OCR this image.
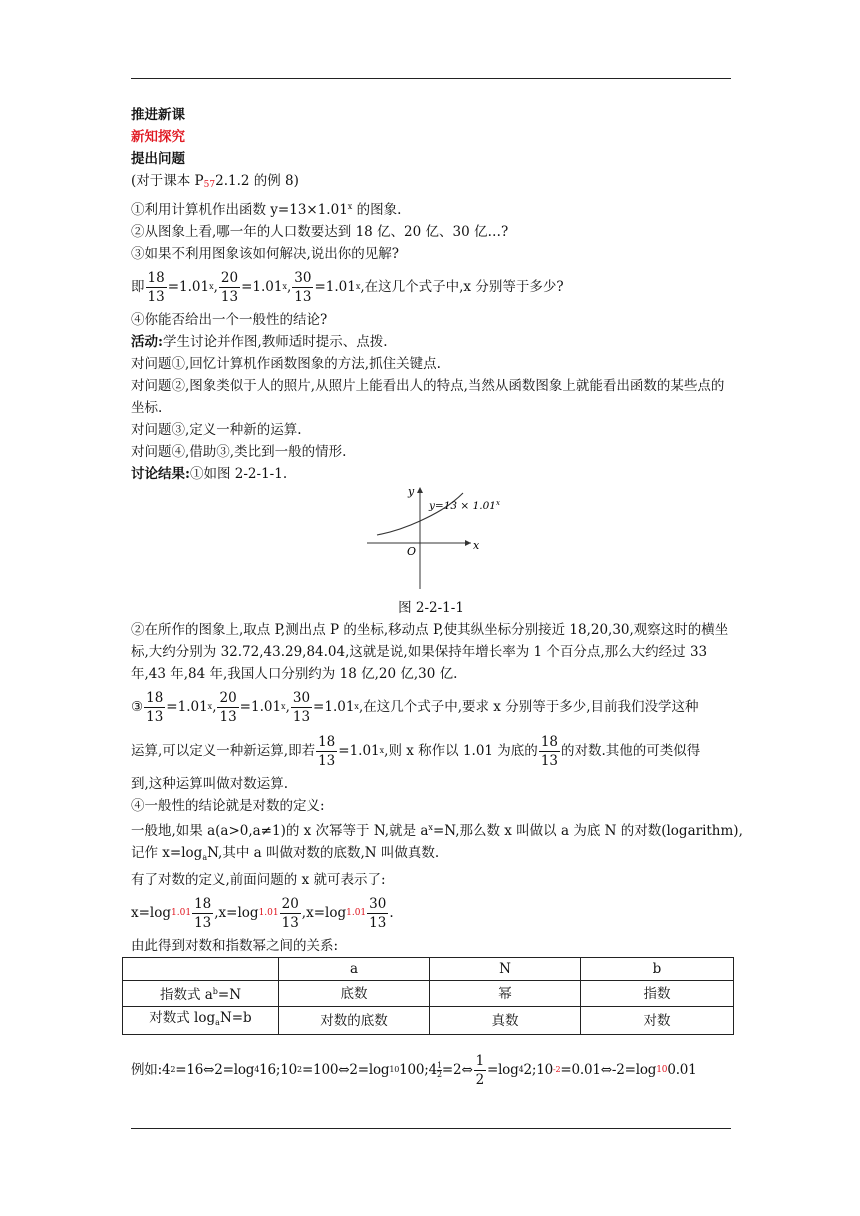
推进新课
新知探究
提出问题
(对于课本 P572.1.2 的例 8)
①利用计算机作出函数 $y=13\times 1.01^x$ 的图象.
②从图象上看,哪一年的人口数要达到 18 亿、20 亿、30 亿…?
③如果不利用图象该如何解决,说出你的见解?
即 $\frac{18}{13} =1.01$ x , $\frac{20}{13} =1.01$ x , $\frac{30}{13} =1.01$ x ,在这几个式子中,x 分别等于多少?
④你能否给出一个一般性的结论?
活动:学生讨论并作图,教师适时提示、点拨.
对问题①,回忆计算机作函数图象的方法,抓住关键点.
对问题②,图象类似于人的照片,从照片上能看出人的特点,当然从函数图象上就能看出函数的某些点的坐标.
对问题③,定义一种新的运算.
对问题④,借助③,类比到一般的情形.
讨论结果:①如图 2-2-1-1.
y
x
O
$y=13 \times 1.01^x$
图 2-2-1-1
②在所作的图象上,取点 P,测出点 P 的坐标,移动点 P,使其纵坐标分别接近 18,20,30,观察这时的横坐标,大约分别为 32.72,43.29,84.04,这就是说,如果保持年增长率为 1 个百分点,那么大约经过 33 年,43 年,84 年,我国人口分别约为 18 亿,20 亿,30 亿.
③ $\frac{18}{13} =1.01$ x , $\frac{20}{13} =1.01$ x , $\frac{30}{13} =1.01$ x ,在这几个式子中,要求 x 分别等于多少,目前我们没学这种
运算,可以定义一种新运算,即若 $\frac{18}{13} =1.01$ x ,则 x 称作以 1.01 为底的 $\frac{18}{13}$ 的对数.其他的可类似得
到,这种运算叫做对数运算.
④一般性的结论就是对数的定义:
一般地,如果 a(a>0,a≠1)的 x 次幂等于 N,就是 $a^x=N$,那么数 x 叫做以 a 为底 N 的对数(logarithm),
记作 $x=\log_aN$,其中 a 叫做对数的底数,N 叫做真数.
有了对数的定义,前面问题的 x 就可表示了:
x=log $1.01 \frac{18}{13} ,x=\log$ $1.01 \frac{20}{13} ,x=\log$ $1.01 \frac{30}{13}$ .
由此得到对数和指数幂之间的关系:
	a	N	b
指数式 $a^b=N$	底数	幂	指数
对数式 $\log_aN=b$	对数的底数	真数	对数
例如:4 2 =16 ⇔ 2=log 4 16;10 2 =100 ⇔ 2=log 10 100;4 $\frac{1}{2} =2$ ⇔ $\frac{1}{2} =\log$ 4 2;10 -2 =0.01 ⇔ -2=log 10 0.01
